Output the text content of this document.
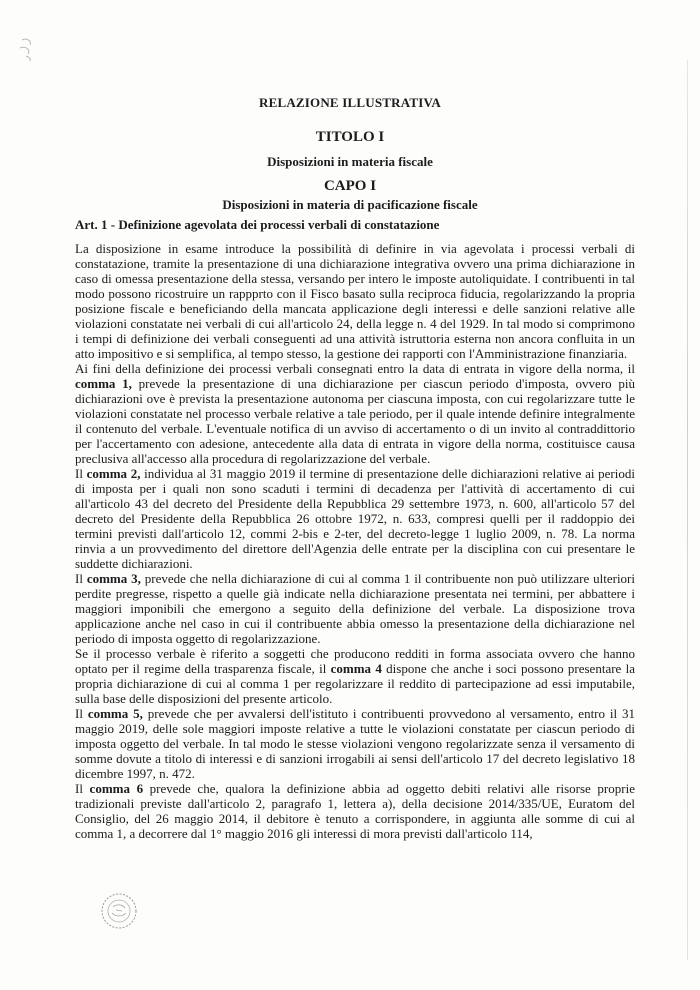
RELAZIONE ILLUSTRATIVA
TITOLO I
Disposizioni in materia fiscale
CAPO I
Disposizioni in materia di pacificazione fiscale
Art. 1 - Definizione agevolata dei processi verbali di constatazione

La disposizione in esame introduce la possibilità di definire in via agevolata i processi verbali di constatazione, tramite la presentazione di una dichiarazione integrativa ovvero una prima dichiarazione in caso di omessa presentazione della stessa, versando per intero le imposte autoliquidate. I contribuenti in tal modo possono ricostruire un rappprto con il Fisco basato sulla reciproca fiducia, regolarizzando la propria posizione fiscale e beneficiando della mancata applicazione degli interessi e delle sanzioni relative alle violazioni constatate nei verbali di cui all'articolo 24, della legge n. 4 del 1929. In tal modo si comprimono i tempi di definizione dei verbali conseguenti ad una attività istruttoria esterna non ancora confluita in un atto impositivo e si semplifica, al tempo stesso, la gestione dei rapporti con l'Amministrazione finanziaria.

Ai fini della definizione dei processi verbali consegnati entro la data di entrata in vigore della norma, il comma 1, prevede la presentazione di una dichiarazione per ciascun periodo d'imposta, ovvero più dichiarazioni ove è prevista la presentazione autonoma per ciascuna imposta, con cui regolarizzare tutte le violazioni constatate nel processo verbale relative a tale periodo, per il quale intende definire integralmente il contenuto del verbale. L'eventuale notifica di un avviso di accertamento o di un invito al contraddittorio per l'accertamento con adesione, antecedente alla data di entrata in vigore della norma, costituisce causa preclusiva all'accesso alla procedura di regolarizzazione del verbale.

Il comma 2, individua al 31 maggio 2019 il termine di presentazione delle dichiarazioni relative ai periodi di imposta per i quali non sono scaduti i termini di decadenza per l'attività di accertamento di cui all'articolo 43 del decreto del Presidente della Repubblica 29 settembre 1973, n. 600, all'articolo 57 del decreto del Presidente della Repubblica 26 ottobre 1972, n. 633, compresi quelli per il raddoppio dei termini previsti dall'articolo 12, commi 2-bis e 2-ter, del decreto-legge 1 luglio 2009, n. 78. La norma rinvia a un provvedimento del direttore dell'Agenzia delle entrate per la disciplina con cui presentare le suddette dichiarazioni.

Il comma 3, prevede che nella dichiarazione di cui al comma 1 il contribuente non può utilizzare ulteriori perdite pregresse, rispetto a quelle già indicate nella dichiarazione presentata nei termini, per abbattere i maggiori imponibili che emergono a seguito della definizione del verbale. La disposizione trova applicazione anche nel caso in cui il contribuente abbia omesso la presentazione della dichiarazione nel periodo di imposta oggetto di regolarizzazione.

Se il processo verbale è riferito a soggetti che producono redditi in forma associata ovvero che hanno optato per il regime della trasparenza fiscale, il comma 4 dispone che anche i soci possono presentare la propria dichiarazione di cui al comma 1 per regolarizzare il reddito di partecipazione ad essi imputabile, sulla base delle disposizioni del presente articolo.

Il comma 5, prevede che per avvalersi dell'istituto i contribuenti provvedono al versamento, entro il 31 maggio 2019, delle sole maggiori imposte relative a tutte le violazioni constatate per ciascun periodo di imposta oggetto del verbale. In tal modo le stesse violazioni vengono regolarizzate senza il versamento di somme dovute a titolo di interessi e di sanzioni irrogabili ai sensi dell'articolo 17 del decreto legislativo 18 dicembre 1997, n. 472.

Il comma 6 prevede che, qualora la definizione abbia ad oggetto debiti relativi alle risorse proprie tradizionali previste dall'articolo 2, paragrafo 1, lettera a), della decisione 2014/335/UE, Euratom del Consiglio, del 26 maggio 2014, il debitore è tenuto a corrispondere, in aggiunta alle somme di cui al comma 1, a decorrere dal 1° maggio 2016 gli interessi di mora previsti dall'articolo 114,
